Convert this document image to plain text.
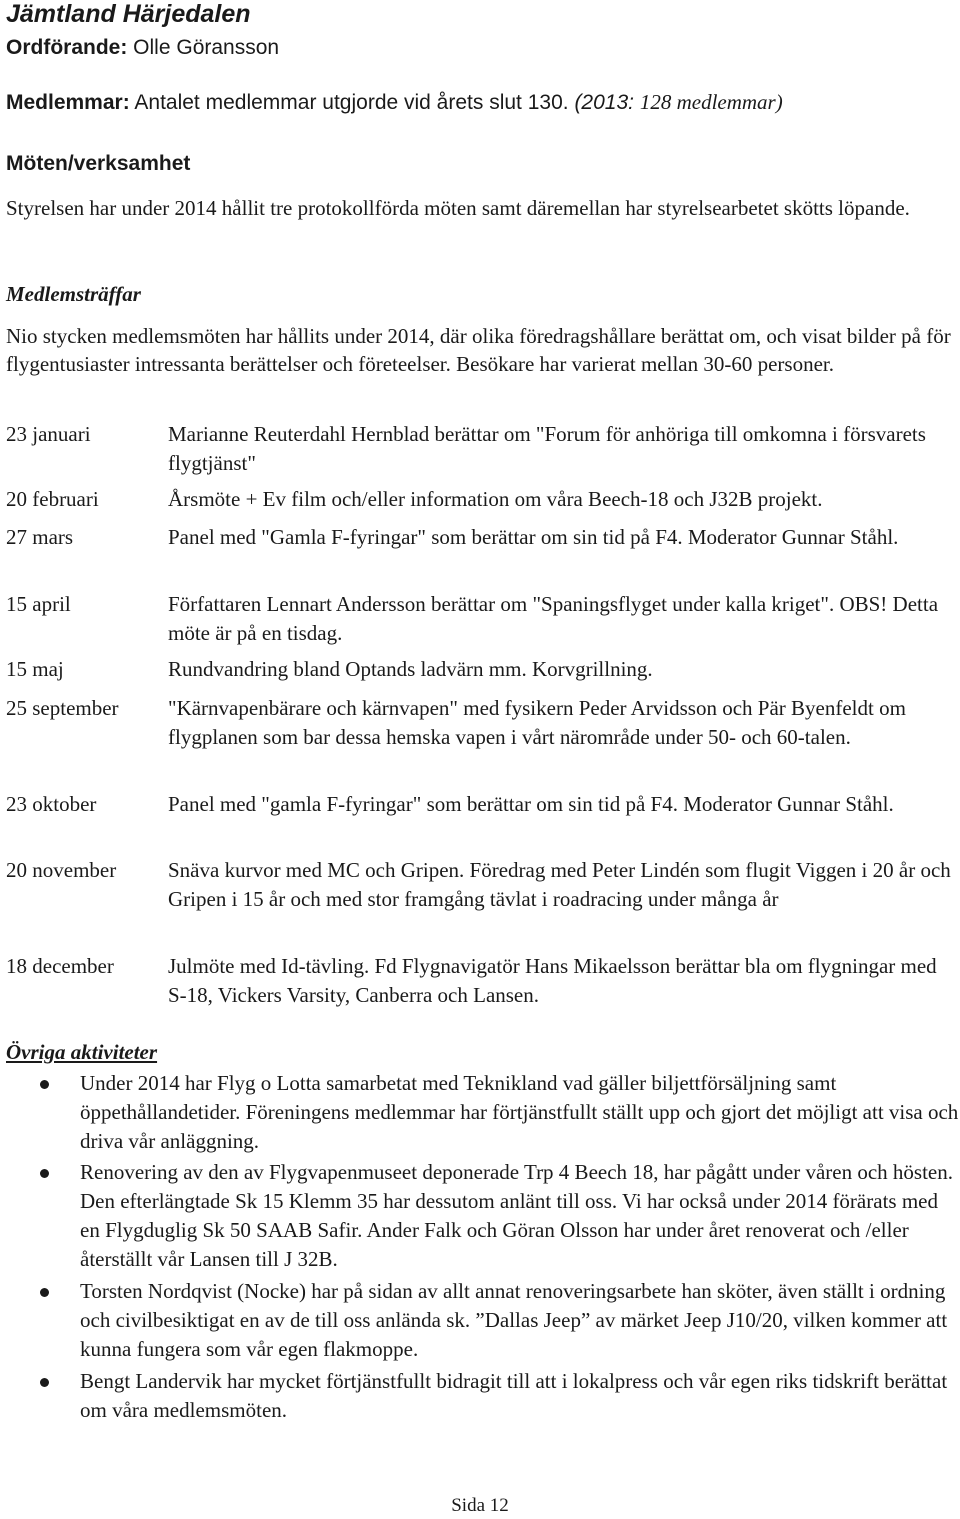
Jämtland Härjedalen
Ordförande: Olle Göransson
Medlemmar: Antalet medlemmar utgjorde vid årets slut 130. (2013: 128 medlemmar)
Möten/verksamhet
Styrelsen har under 2014 hållit tre protokollförda möten samt däremellan har styrelsearbetet skötts löpande.
Medlemsträffar
Nio stycken medlemsmöten har hållits under 2014, där olika föredragshållare berättat om, och visat bilder på för flygentusiaster intressanta berättelser och företeelser. Besökare har varierat mellan 30-60 personer.
23 januari	Marianne Reuterdahl Hernblad berättar om "Forum för anhöriga till omkomna i försvarets flygtjänst"
20 februari	Årsmöte + Ev film och/eller information om våra Beech-18 och J32B projekt.
27 mars	Panel med "Gamla F-fyringar" som berättar om sin tid på F4. Moderator Gunnar Ståhl.
15 april	Författaren Lennart Andersson berättar om "Spaningsflyget under kalla kriget". OBS! Detta möte är på en tisdag.
15 maj	Rundvandring bland Optands ladvärn mm. Korvgrillning.
25 september "Kärnvapenbärare och kärnvapen" med fysikern Peder Arvidsson och Pär Byenfeldt om flygplanen som bar dessa hemska vapen i vårt närområde under 50- och 60-talen.
23 oktober	Panel med "gamla F-fyringar" som berättar om sin tid på F4. Moderator Gunnar Ståhl.
20 november Snäva kurvor med MC och Gripen. Föredrag med Peter Lindén som flugit Viggen i 20 år och Gripen i 15 år och med stor framgång tävlat i roadracing under många år
18 december	Julmöte med Id-tävling. Fd Flygnavigatör Hans Mikaelsson berättar bla om flygningar med S-18, Vickers Varsity, Canberra och Lansen.
Övriga aktiviteter
Under 2014 har Flyg o Lotta samarbetat med Teknikland vad gäller biljettförsäljning samt öppethållandetider. Föreningens medlemmar har förtjänstfullt ställt upp och gjort det möjligt att visa och driva vår anläggning.
Renovering av den av Flygvapenmuseet deponerade Trp 4 Beech 18, har pågått under våren och hösten. Den efterlängtade Sk 15 Klemm 35 har dessutom anlänt till oss. Vi har också under 2014 förärats med en Flygduglig Sk 50 SAAB Safir. Ander Falk och Göran Olsson har under året renoverat och /eller återställt vår Lansen till J 32B.
Torsten Nordqvist (Nocke) har på sidan av allt annat renoveringsarbete han sköter, även ställt i ordning och civilbesiktigat en av de till oss anlända sk. ”Dallas Jeep” av märket Jeep J10/20, vilken kommer att kunna fungera som vår egen flakmoppe.
Bengt Landervik har mycket förtjänstfullt bidragit till att i lokalpress och vår egen riks tidskrift berättat om våra medlemsmöten.
Sida 12
